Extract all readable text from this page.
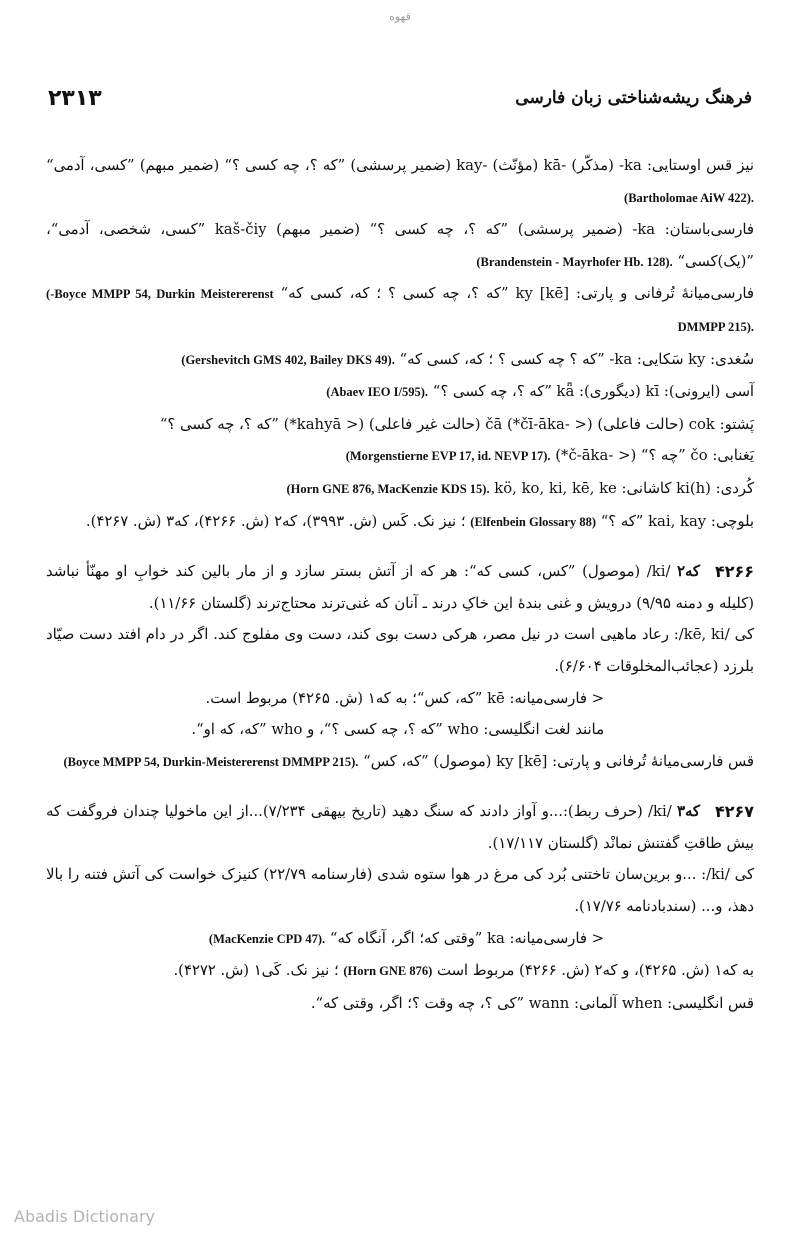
قهوه
۲۳۱۳	فرهنگ ریشه‌شناختی زبان فارسی

نیز قس اوستایی: ka- (مذکّر) -kā (مؤنّث) -kay (ضمیر پرسشی) ”که ؟، چه کسی ؟“ (ضمیر مبهم) ”کسی، آدمی“ (Bartholomae AiW 422).

فارسی‌باستان: ka- (ضمیر پرسشی) ”که ؟، چه کسی ؟“ (ضمیر مبهم) kaš-čiy ”کسی، شخصی، آدمی“، ”(یک)کسی“ (Brandenstein - Mayrhofer Hb. 128).

فارسی‌میانهٔ تُرفانی و پارتی: ky [kē] ”که ؟، چه کسی ؟ ؛ که، کسی که“ (-Boyce MMPP 54, Durkin Meistererenst DMMPP 215).

سُغدی: ky سَکایی: ka- ”که ؟ چه کسی ؟ ؛ که، کسی که“ (Gershevitch GMS 402, Bailey DKS 49).

آسی (ایرونی): kī (دیگوری): kǟ ”که ؟، چه کسی ؟“ (Abaev IEO I/595).

پَشتو: cok (حالت فاعلی) (< -čī-āka*) čā (حالت غیر فاعلی) (< kahyā*) ”که ؟، چه کسی ؟“

یَغنابی: čo ”چه ؟“ (< -č-āka*) (Morgenstierne EVP 17, id. NEVP 17).

کُردی: ki(h) کاشانی: kö, ko, ki, kē, ke (Horn GNE 876, MacKenzie KDS 15).

بلوچی: kai, kay ”که ؟“ (Elfenbein Glossary 88) ؛ نیز نک. کَس (ش. ۳۹۹۳)، که۲ (ش. ۴۲۶۶)، که۳ (ش. ۴۲۶۷).

۴۲۶۶
که۲ /ki/ (موصول) ”کس، کسی که“: هر که از آتش بستر سازد و از مار بالین کند خوابِ او مهنّأ نباشد (کلیله و دمنه ۹/۹۵) درویش و غنی بندهٔ این خاک‌ِ درند ـ آنان که غنی‌ترند محتاج‌ترند (گلستان ۱۱/۶۶).

کی /kē, ki/: رعاد ماهیی است در نیل مصر، هرکی دست بوی کند، دست وی مفلوج کند. اگر در دام افتد دست صیّاد بلرزد (عجائب‌المخلوقات ۶/۶۰۴).

< فارسی‌میانه: kē ”که، کس“؛ به که۱ (ش. ۴۲۶۵) مربوط است.

مانند لغت انگلیسی: who ”که ؟، چه کسی ؟“، و who ”که، که او“.

قس فارسی‌میانهٔ تُرفانی و پارتی: ky [kē] (موصول) ”که، کس“ (Boyce MMPP 54, Durkin-Meistererenst DMMPP 215).

۴۲۶۷
که۳ /ki/ (حرف ربط):...و آواز دادند که سنگ دهید (تاریخ بیهقی ۷/۲۳۴)...از این ماخولیا چندان فروگفت که بیش طاقتِ گفتنش نمانْد (گلستان ۱۷/۱۱۷).

کی /ki/: ...و برین‌سان تاختنی بُرد کی مرغ در هوا ستوه شدی (فارسنامه ۲۲/۷۹) کنیزک خواست کی آتش فتنه را بالا دهذ، و... (سندبادنامه ۱۷/۷۶).

< فارسی‌میانه: ka ”وقتی که؛ اگر، آنگاه که“ (MacKenzie CPD 47).

به که۱ (ش. ۴۲۶۵)، و که۲ (ش. ۴۲۶۶) مربوط است (Horn GNE 876) ؛ نیز نک. کَی۱ (ش. ۴۲۷۲).

قس انگلیسی: when آلمانی: wann ”کی ؟، چه وقت ؟؛ اگر، وقتی که“.

Abadis Dictionary
